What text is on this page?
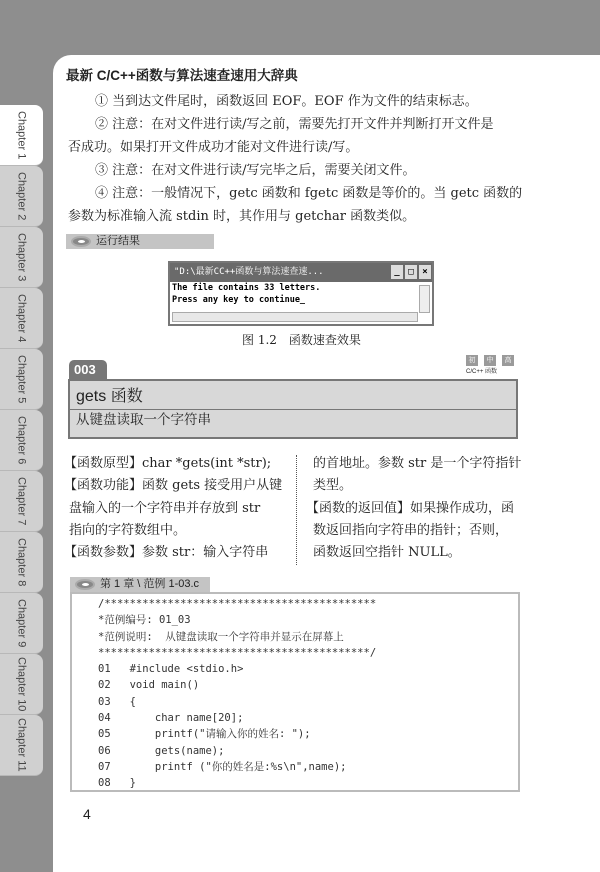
Chapter 1
Chapter 2
Chapter 3
Chapter 4
Chapter 5
Chapter 6
Chapter 7
Chapter 8
Chapter 9
Chapter 10
Chapter 11
最新 C/C++函数与算法速查速用大辞典

① 当到达文件尾时，函数返回 EOF。EOF 作为文件的结束标志。

② 注意：在对文件进行读/写之前，需要先打开文件并判断打开文件是

否成功。如果打开文件成功才能对文件进行读/写。

③ 注意：在对文件进行读/写完毕之后，需要关闭文件。

④ 注意：一般情况下，getc 函数和 fgetc 函数是等价的。当 getc 函数的

参数为标准输入流 stdin 时，其作用与 getchar 函数类似。

运行结果
"D:\最新CC++函数与算法速查速...	_ □ ×
The file contains 33 letters.
Press any key to continue_
图 1.2　函数速查效果
003
初	中	高
C/C++ 函数
gets 函数
从键盘读取一个字符串
【函数原型】char *gets(int *str);
【函数功能】函数 gets 接受用户从键
盘输入的一个字符串并存放到 str
指向的字符数组中。
【函数参数】参数 str：输入字符串
的首地址。参数 str 是一个字符指针
类型。
【函数的返回值】如果操作成功，函
数返回指向字符串的指针；否则，
函数返回空指针 NULL。
第 1 章 \ 范例 1-03.c
/*******************************************
*范例编号: 01_03
*范例说明:  从键盘读取一个字符串并显示在屏幕上
*******************************************/
01   #include <stdio.h>
02   void main()
03   {
04       char name[20];
05       printf("请输入你的姓名: ");
06       gets(name);
07       printf ("你的姓名是:%s\n",name);
08   }
4
